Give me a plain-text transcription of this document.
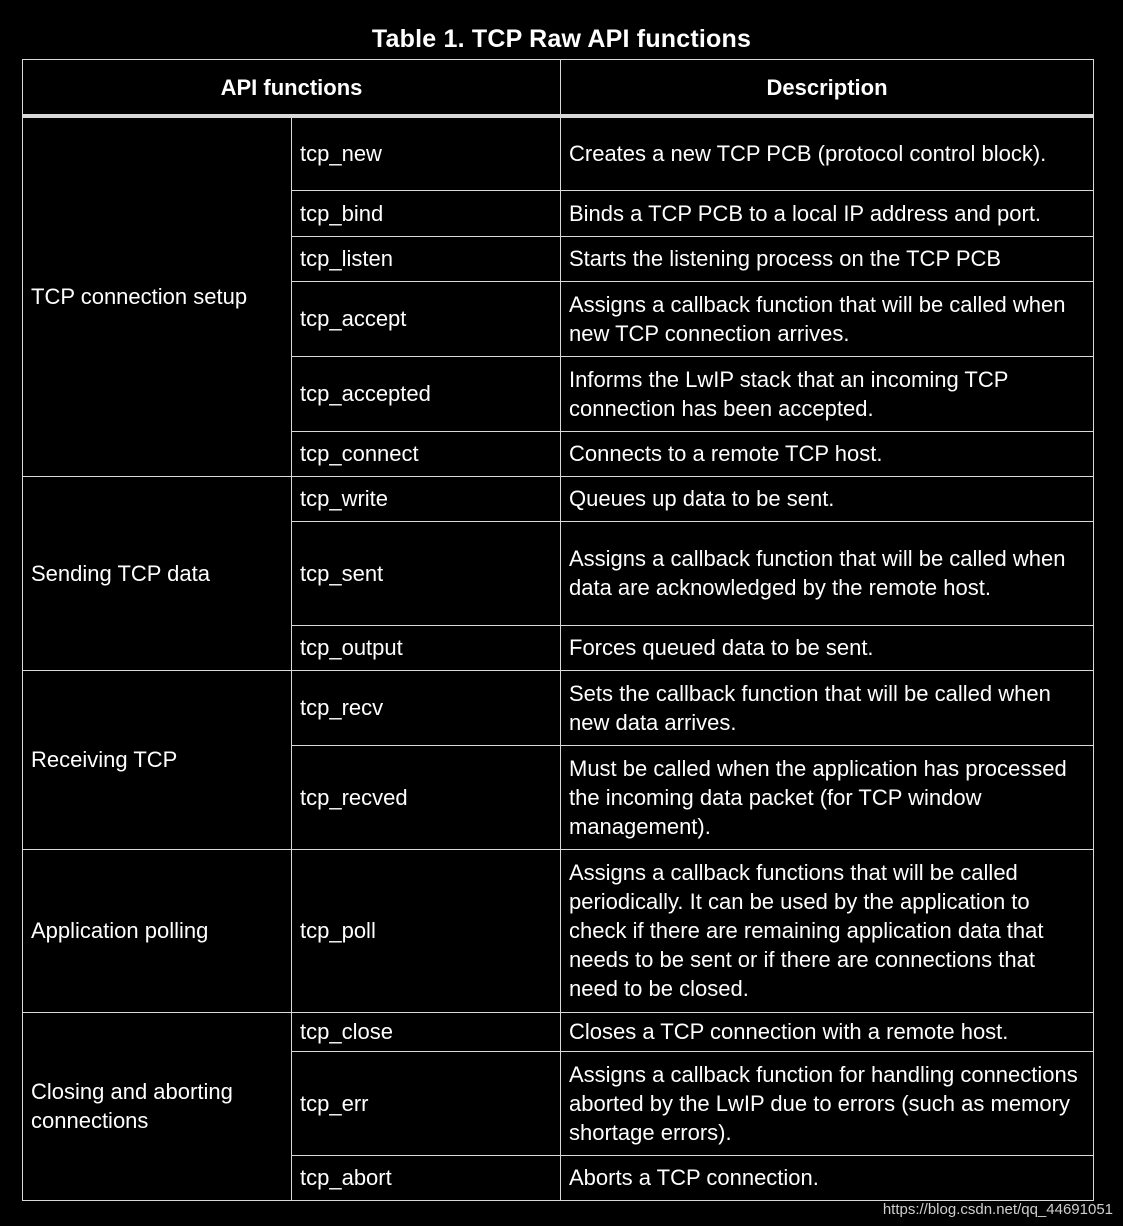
Table 1. TCP Raw API functions
API functions		Description
TCP connection setup	tcp_new	Creates a new TCP PCB (protocol control block).
	tcp_bind	Binds a TCP PCB to a local IP address and port.
	tcp_listen	Starts the listening process on the TCP PCB
	tcp_accept	Assigns a callback function that will be called when new TCP connection arrives.
	tcp_accepted	Informs the LwIP stack that an incoming TCP connection has been accepted.
	tcp_connect	Connects to a remote TCP host.
Sending TCP data	tcp_write	Queues up data to be sent.
	tcp_sent	Assigns a callback function that will be called when data are acknowledged by the remote host.
	tcp_output	Forces queued data to be sent.
Receiving TCP	tcp_recv	Sets the callback function that will be called when new data arrives.
	tcp_recved	Must be called when the application has processed the incoming data packet (for TCP window management).
Application polling	tcp_poll	Assigns a callback functions that will be called periodically. It can be used by the application to check if there are remaining application data that needs to be sent or if there are connections that need to be closed.
Closing and aborting connections	tcp_close	Closes a TCP connection with a remote host.
	tcp_err	Assigns a callback function for handling connections aborted by the LwIP due to errors (such as memory shortage errors).
	tcp_abort	Aborts a TCP connection.
https://blog.csdn.net/qq_44691051
